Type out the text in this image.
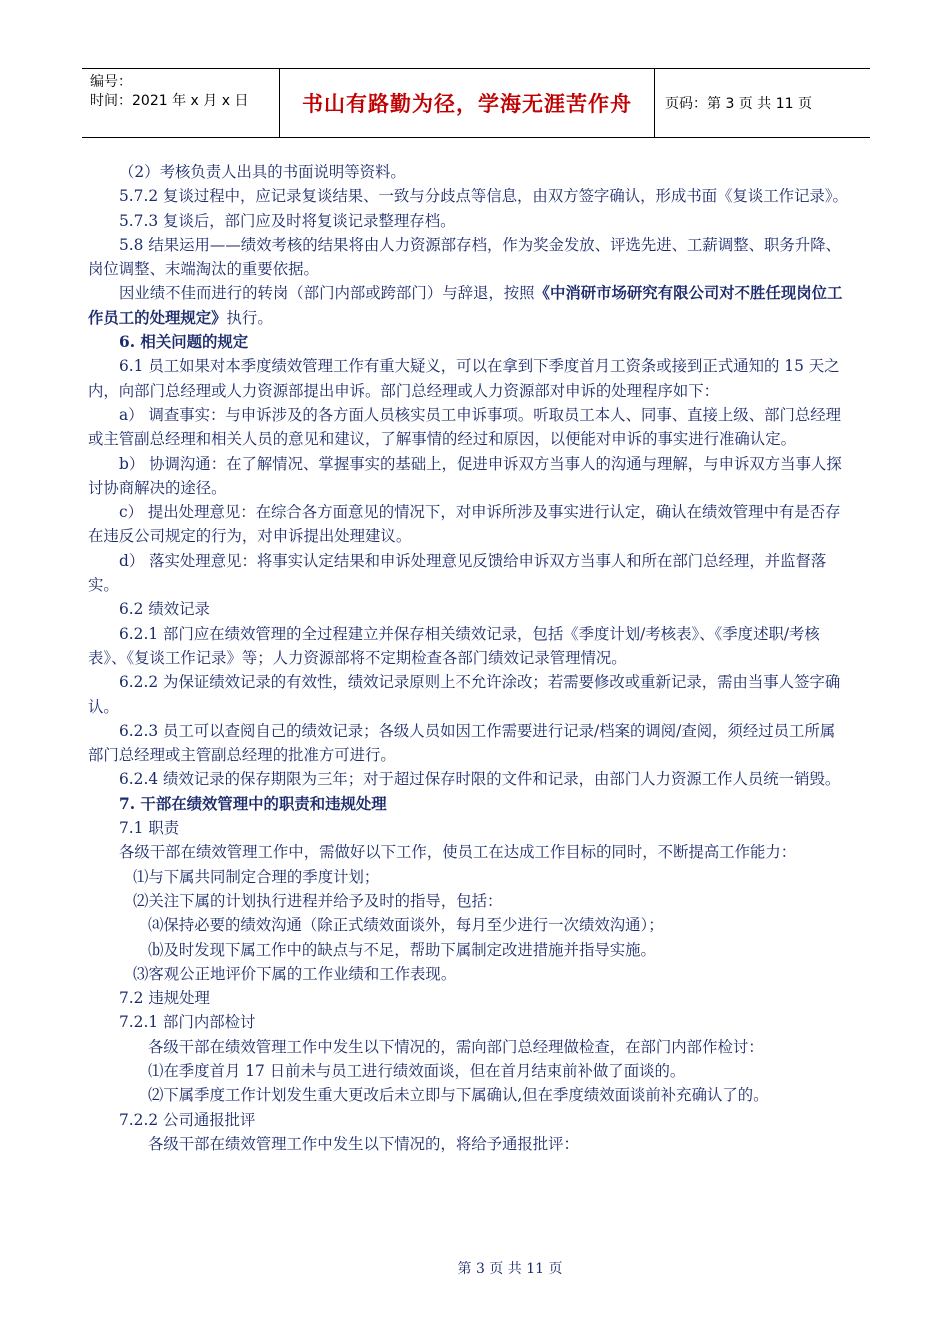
编号：
时间：2021 年 x 月 x 日	书山有路勤为径，学海无涯苦作舟	页码：第 3 页 共 11 页

（2）考核负责人出具的书面说明等资料。

5.7.2 复谈过程中，应记录复谈结果、一致与分歧点等信息，由双方签字确认，形成书面《复谈工作记录》。

5.7.3 复谈后，部门应及时将复谈记录整理存档。

5.8 结果运用——绩效考核的结果将由人力资源部存档，作为奖金发放、评选先进、工薪调整、职务升降、岗位调整、末端淘汰的重要依据。

因业绩不佳而进行的转岗（部门内部或跨部门）与辞退，按照《中消研市场研究有限公司对不胜任现岗位工作员工的处理规定》执行。

6. 相关问题的规定

6.1 员工如果对本季度绩效管理工作有重大疑义，可以在拿到下季度首月工资条或接到正式通知的 15 天之内，向部门总经理或人力资源部提出申诉。部门总经理或人力资源部对申诉的处理程序如下：

a） 调查事实：与申诉涉及的各方面人员核实员工申诉事项。听取员工本人、同事、直接上级、部门总经理或主管副总经理和相关人员的意见和建议，了解事情的经过和原因，以便能对申诉的事实进行准确认定。

b） 协调沟通：在了解情况、掌握事实的基础上，促进申诉双方当事人的沟通与理解，与申诉双方当事人探讨协商解决的途径。

c） 提出处理意见：在综合各方面意见的情况下，对申诉所涉及事实进行认定，确认在绩效管理中有是否存在违反公司规定的行为，对申诉提出处理建议。

d） 落实处理意见：将事实认定结果和申诉处理意见反馈给申诉双方当事人和所在部门总经理，并监督落实。

6.2 绩效记录

6.2.1 部门应在绩效管理的全过程建立并保存相关绩效记录，包括《季度计划/考核表》、《季度述职/考核表》、《复谈工作记录》等；人力资源部将不定期检查各部门绩效记录管理情况。

6.2.2 为保证绩效记录的有效性，绩效记录原则上不允许涂改；若需要修改或重新记录，需由当事人签字确认。

6.2.3 员工可以查阅自己的绩效记录；各级人员如因工作需要进行记录/档案的调阅/查阅，须经过员工所属部门总经理或主管副总经理的批准方可进行。

6.2.4 绩效记录的保存期限为三年；对于超过保存时限的文件和记录，由部门人力资源工作人员统一销毁。

7. 干部在绩效管理中的职责和违规处理

7.1 职责

各级干部在绩效管理工作中，需做好以下工作，使员工在达成工作目标的同时，不断提高工作能力：

⑴与下属共同制定合理的季度计划；

⑵关注下属的计划执行进程并给予及时的指导，包括：

⒜保持必要的绩效沟通（除正式绩效面谈外，每月至少进行一次绩效沟通）；

⒝及时发现下属工作中的缺点与不足，帮助下属制定改进措施并指导实施。

⑶客观公正地评价下属的工作业绩和工作表现。

7.2 违规处理

7.2.1 部门内部检讨

各级干部在绩效管理工作中发生以下情况的，需向部门总经理做检查，在部门内部作检讨：

⑴在季度首月 17 日前未与员工进行绩效面谈，但在首月结束前补做了面谈的。

⑵下属季度工作计划发生重大更改后未立即与下属确认,但在季度绩效面谈前补充确认了的。

7.2.2 公司通报批评

各级干部在绩效管理工作中发生以下情况的，将给予通报批评：

第 3 页 共 11 页
